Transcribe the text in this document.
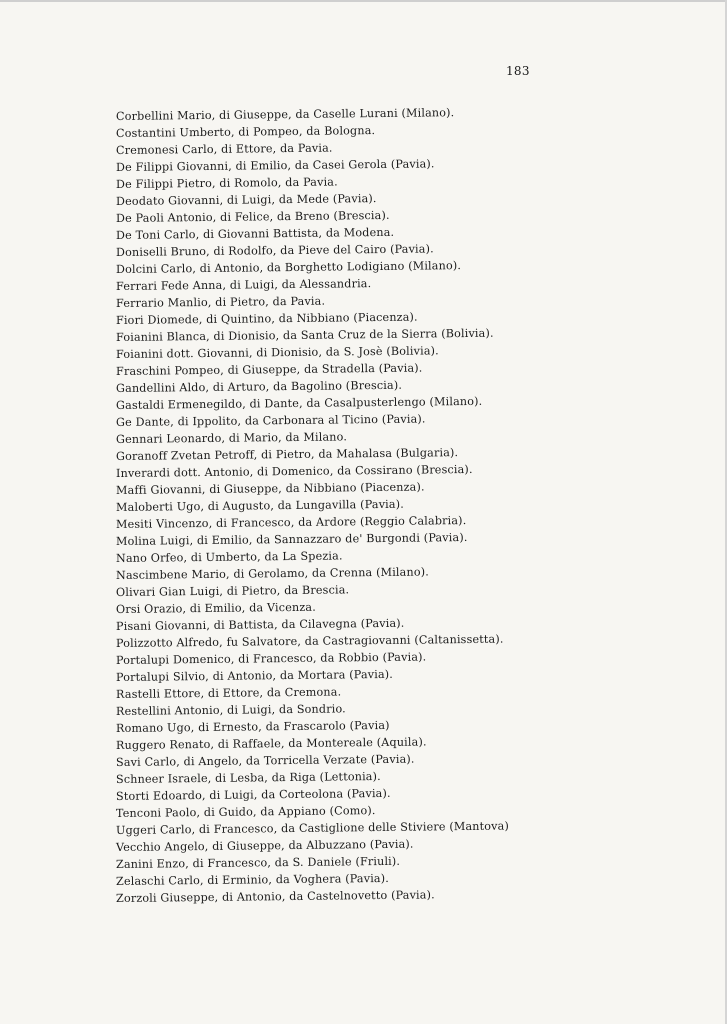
183
Corbellini Mario, di Giuseppe, da Caselle Lurani (Milano).
Costantini Umberto, di Pompeo, da Bologna.
Cremonesi Carlo, di Ettore, da Pavia.
De Filippi Giovanni, di Emilio, da Casei Gerola (Pavia).
De Filippi Pietro, di Romolo, da Pavia.
Deodato Giovanni, di Luigi, da Mede (Pavia).
De Paoli Antonio, di Felice, da Breno (Brescia).
De Toni Carlo, di Giovanni Battista, da Modena.
Doniselli Bruno, di Rodolfo, da Pieve del Cairo (Pavia).
Dolcini Carlo, di Antonio, da Borghetto Lodigiano (Milano).
Ferrari Fede Anna, di Luigi, da Alessandria.
Ferrario Manlio, di Pietro, da Pavia.
Fiori Diomede, di Quintino, da Nibbiano (Piacenza).
Foianini Blanca, di Dionisio, da Santa Cruz de la Sierra (Bolivia).
Foianini dott. Giovanni, di Dionisio, da S. Josè (Bolivia).
Fraschini Pompeo, di Giuseppe, da Stradella (Pavia).
Gandellini Aldo, di Arturo, da Bagolino (Brescia).
Gastaldi Ermenegildo, di Dante, da Casalpusterlengo (Milano).
Ge Dante, di Ippolito, da Carbonara al Ticino (Pavia).
Gennari Leonardo, di Mario, da Milano.
Goranoff Zvetan Petroff, di Pietro, da Mahalasa (Bulgaria).
Inverardi dott. Antonio, di Domenico, da Cossirano (Brescia).
Maffi Giovanni, di Giuseppe, da Nibbiano (Piacenza).
Maloberti Ugo, di Augusto, da Lungavilla (Pavia).
Mesiti Vincenzo, di Francesco, da Ardore (Reggio Calabria).
Molina Luigi, di Emilio, da Sannazzaro de' Burgondi (Pavia).
Nano Orfeo, di Umberto, da La Spezia.
Nascimbene Mario, di Gerolamo, da Crenna (Milano).
Olivari Gian Luigi, di Pietro, da Brescia.
Orsi Orazio, di Emilio, da Vicenza.
Pisani Giovanni, di Battista, da Cilavegna (Pavia).
Polizzotto Alfredo, fu Salvatore, da Castragiovanni (Caltanissetta).
Portalupi Domenico, di Francesco, da Robbio (Pavia).
Portalupi Silvio, di Antonio, da Mortara (Pavia).
Rastelli Ettore, di Ettore, da Cremona.
Restellini Antonio, di Luigi, da Sondrio.
Romano Ugo, di Ernesto, da Frascarolo (Pavia)
Ruggero Renato, di Raffaele, da Montereale (Aquila).
Savi Carlo, di Angelo, da Torricella Verzate (Pavia).
Schneer Israele, di Lesba, da Riga (Lettonia).
Storti Edoardo, di Luigi, da Corteolona (Pavia).
Tenconi Paolo, di Guido, da Appiano (Como).
Uggeri Carlo, di Francesco, da Castiglione delle Stiviere (Mantova)
Vecchio Angelo, di Giuseppe, da Albuzzano (Pavia).
Zanini Enzo, di Francesco, da S. Daniele (Friuli).
Zelaschi Carlo, di Erminio, da Voghera (Pavia).
Zorzoli Giuseppe, di Antonio, da Castelnovetto (Pavia).
